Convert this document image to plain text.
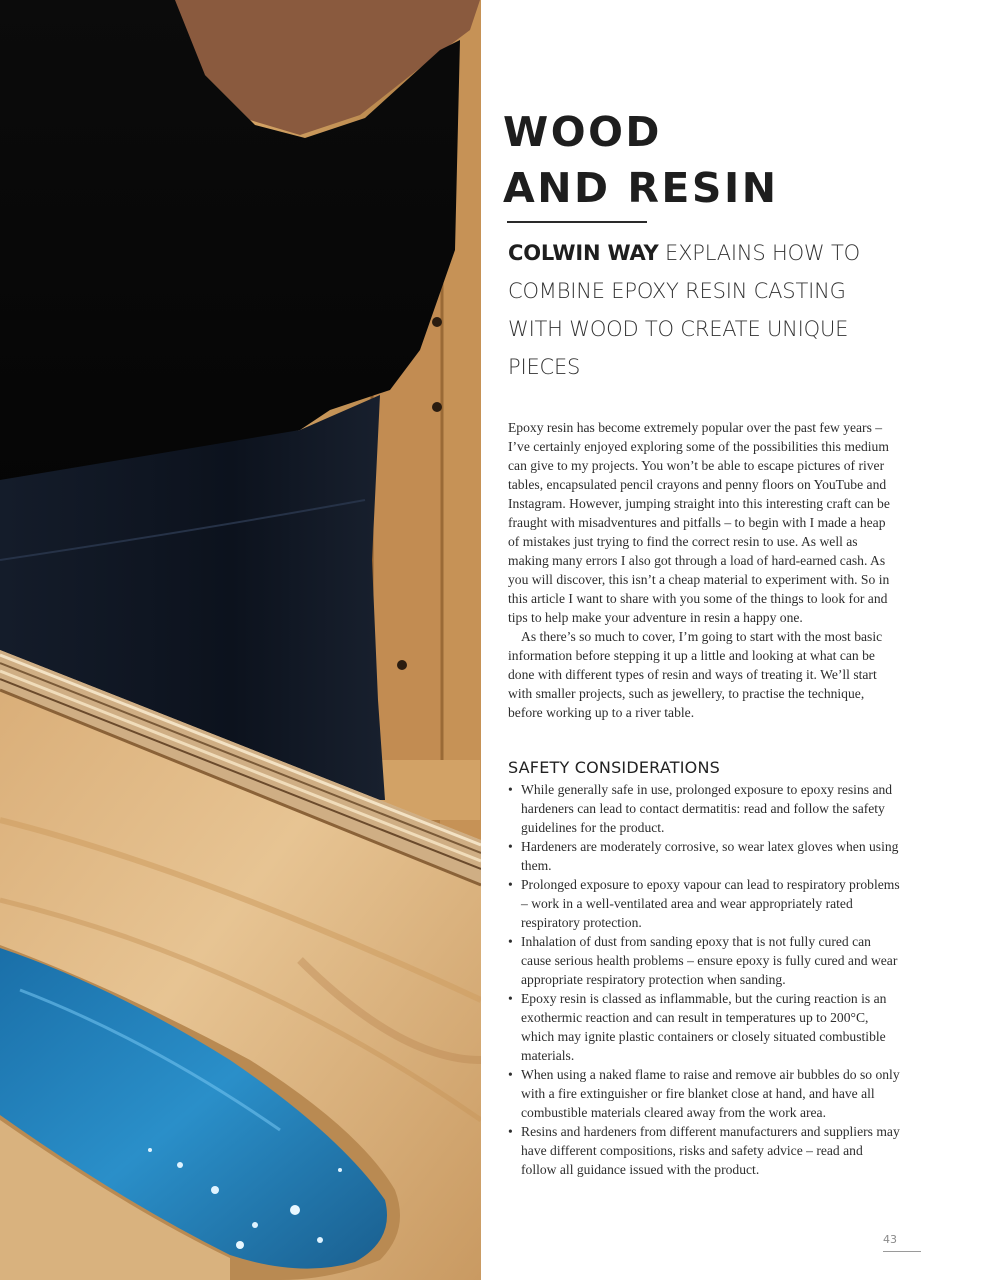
WOOD
AND RESIN

COLWIN WAY EXPLAINS HOW TO COMBINE EPOXY RESIN CASTING WITH WOOD TO CREATE UNIQUE PIECES

Epoxy resin has become extremely popular over the past few years – I’ve certainly enjoyed exploring some of the possibilities this medium can give to my projects. You won’t be able to escape pictures of river tables, encapsulated pencil crayons and penny floors on YouTube and Instagram. However, jumping straight into this interesting craft can be fraught with misadventures and pitfalls – to begin with I made a heap of mistakes just trying to find the correct resin to use. As well as making many errors I also got through a load of hard-earned cash. As you will discover, this isn’t a cheap material to experiment with. So in this article I want to share with you some of the things to look for and tips to help make your adventure in resin a happy one.

As there’s so much to cover, I’m going to start with the most basic information before stepping it up a little and looking at what can be done with different types of resin and ways of treating it. We’ll start with smaller projects, such as jewellery, to practise the technique, before working up to a river table.

SAFETY CONSIDERATIONS
• While generally safe in use, prolonged exposure to epoxy resins and hardeners can lead to contact dermatitis: read and follow the safety guidelines for the product.
• Hardeners are moderately corrosive, so wear latex gloves when using them.
• Prolonged exposure to epoxy vapour can lead to respiratory problems – work in a well-ventilated area and wear appropriately rated respiratory protection.
• Inhalation of dust from sanding epoxy that is not fully cured can cause serious health problems – ensure epoxy is fully cured and wear appropriate respiratory protection when sanding.
• Epoxy resin is classed as inflammable, but the curing reaction is an exothermic reaction and can result in temperatures up to 200°C, which may ignite plastic containers or closely situated combustible materials.
• When using a naked flame to raise and remove air bubbles do so only with a fire extinguisher or fire blanket close at hand, and have all combustible materials cleared away from the work area.
• Resins and hardeners from different manufacturers and suppliers may have different compositions, risks and safety advice – read and follow all guidance issued with the product.
43
